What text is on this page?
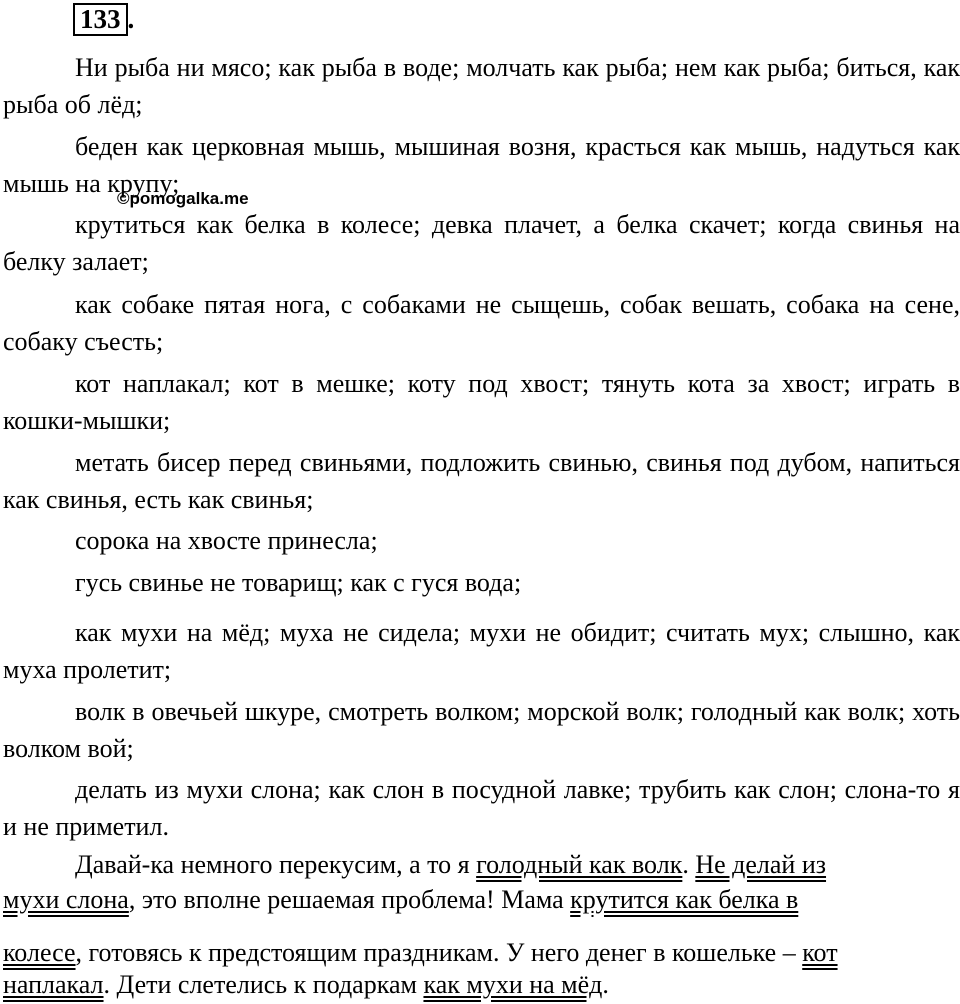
133 .

Ни рыба ни мясо; как рыба в воде; молчать как рыба; нем как рыба; биться, как рыба об лёд;

беден как церковная мышь, мышиная возня, красться как мышь, надуться как мышь на крупу;

©pomogalka.me

крутиться как белка в колесе; девка плачет, а белка скачет; когда свинья на белку залает;

как собаке пятая нога, с собаками не сыщешь, собак вешать, собака на сене, собаку съесть;

кот наплакал; кот в мешке; коту под хвост; тянуть кота за хвост; играть в кошки-мышки;

метать бисер перед свиньями, подложить свинью, свинья под дубом, напиться как свинья, есть как свинья;

сорока на хвосте принесла;

гусь свинье не товарищ; как с гуся вода;

как мухи на мёд; муха не сидела; мухи не обидит; считать мух; слышно, как муха пролетит;

волк в овечьей шкуре, смотреть волком; морской волк; голодный как волк; хоть волком вой;

делать из мухи слона; как слон в посудной лавке; трубить как слон; слона-то я и не приметил.

Давай-ка немного перекусим, а то я голодный как волк. Не делай из
мухи слона, это вполне решаемая проблема! Мама крутится как белка в
колесе, готовясь к предстоящим праздникам. У него денег в кошельке – кот
наплакал. Дети слетелись к подаркам как мухи на мёд.
